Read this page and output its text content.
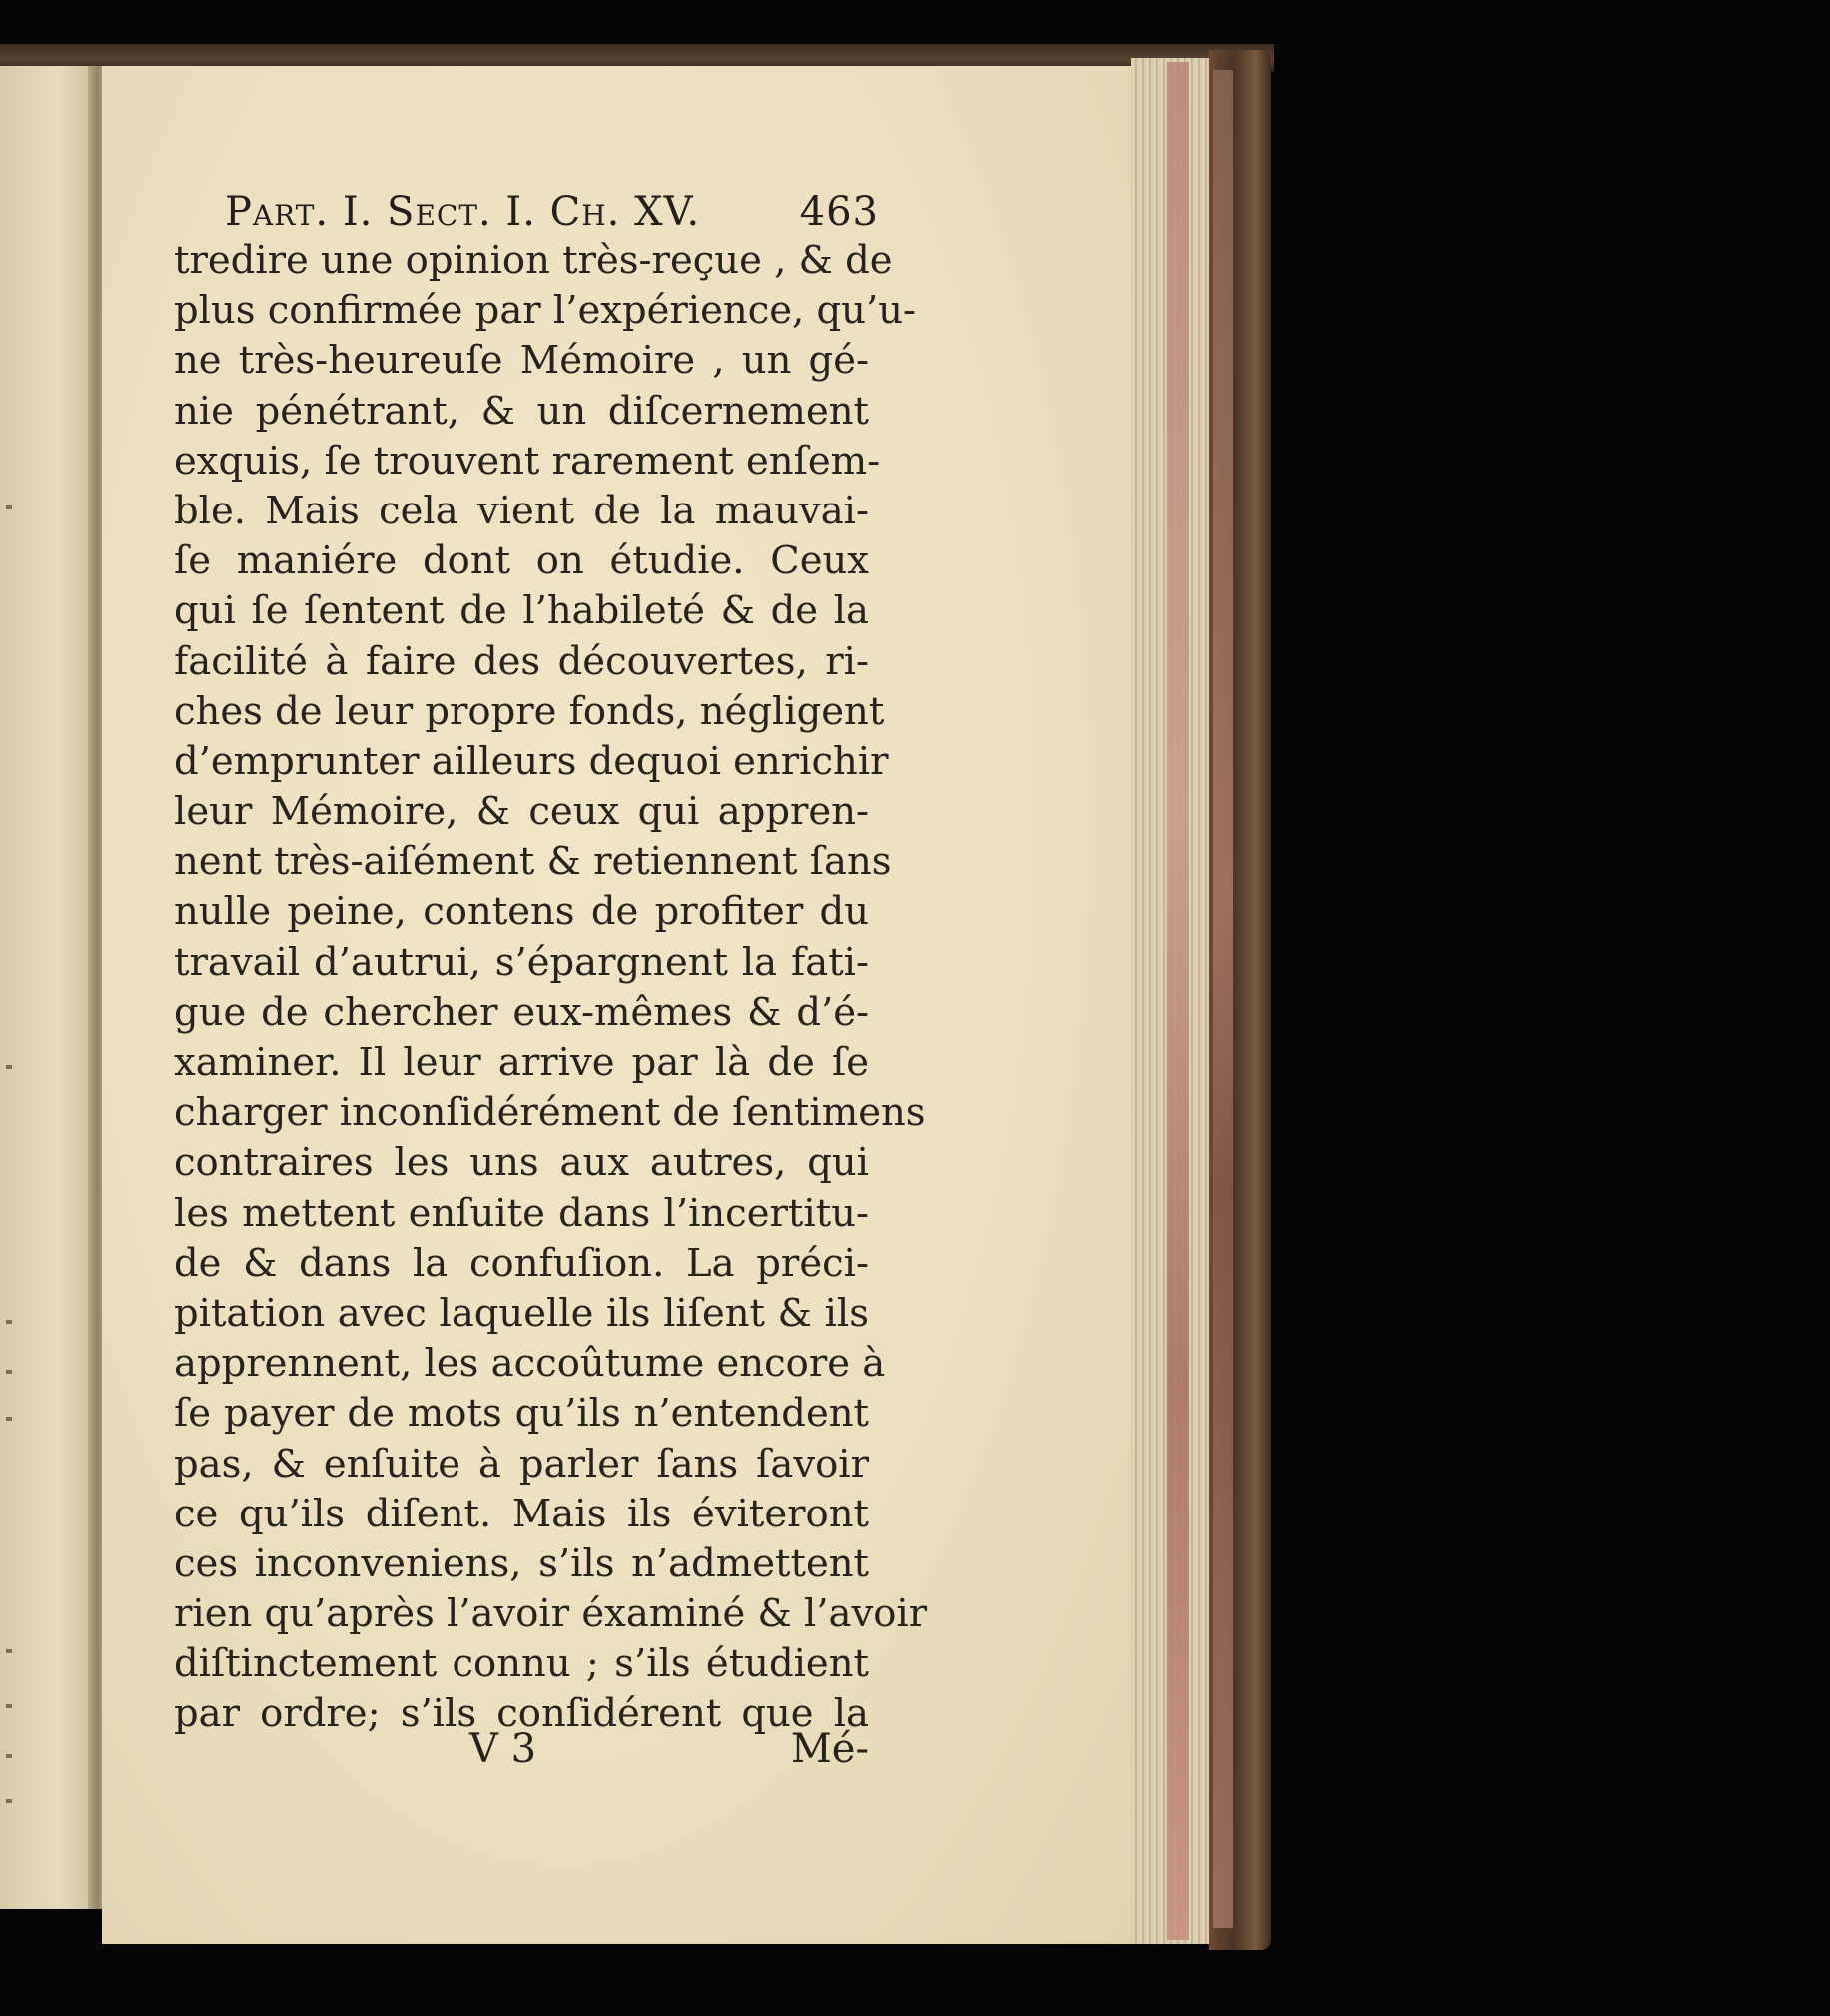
Part. I. Sect. I. Ch. XV. 463
tredire une opinion très-reçue , & de
plus confirmée par l’expérience, qu’u-
ne très-heureuſe Mémoire , un gé-
nie pénétrant, & un diſcernement
exquis, ſe trouvent rarement enſem-
ble. Mais cela vient de la mauvai-
ſe maniére dont on étudie. Ceux
qui ſe ſentent de l’habileté & de la
facilité à faire des découvertes, ri-
ches de leur propre fonds, négligent
d’emprunter ailleurs dequoi enrichir
leur Mémoire, & ceux qui appren-
nent très-aiſément & retiennent ſans
nulle peine, contens de profiter du
travail d’autrui, s’épargnent la fati-
gue de chercher eux-mêmes & d’é-
xaminer. Il leur arrive par là de ſe
charger inconſidérément de ſentimens
contraires les uns aux autres, qui
les mettent enſuite dans l’incertitu-
de & dans la confuſion. La préci-
pitation avec laquelle ils liſent & ils
apprennent, les accoûtume encore à
ſe payer de mots qu’ils n’entendent
pas, & enſuite à parler ſans ſavoir
ce qu’ils diſent. Mais ils éviteront
ces inconveniens, s’ils n’admettent
rien qu’après l’avoir éxaminé & l’avoir
diſtinctement connu ; s’ils étudient
par ordre; s’ils conſidérent que la
V 3	Mé-
